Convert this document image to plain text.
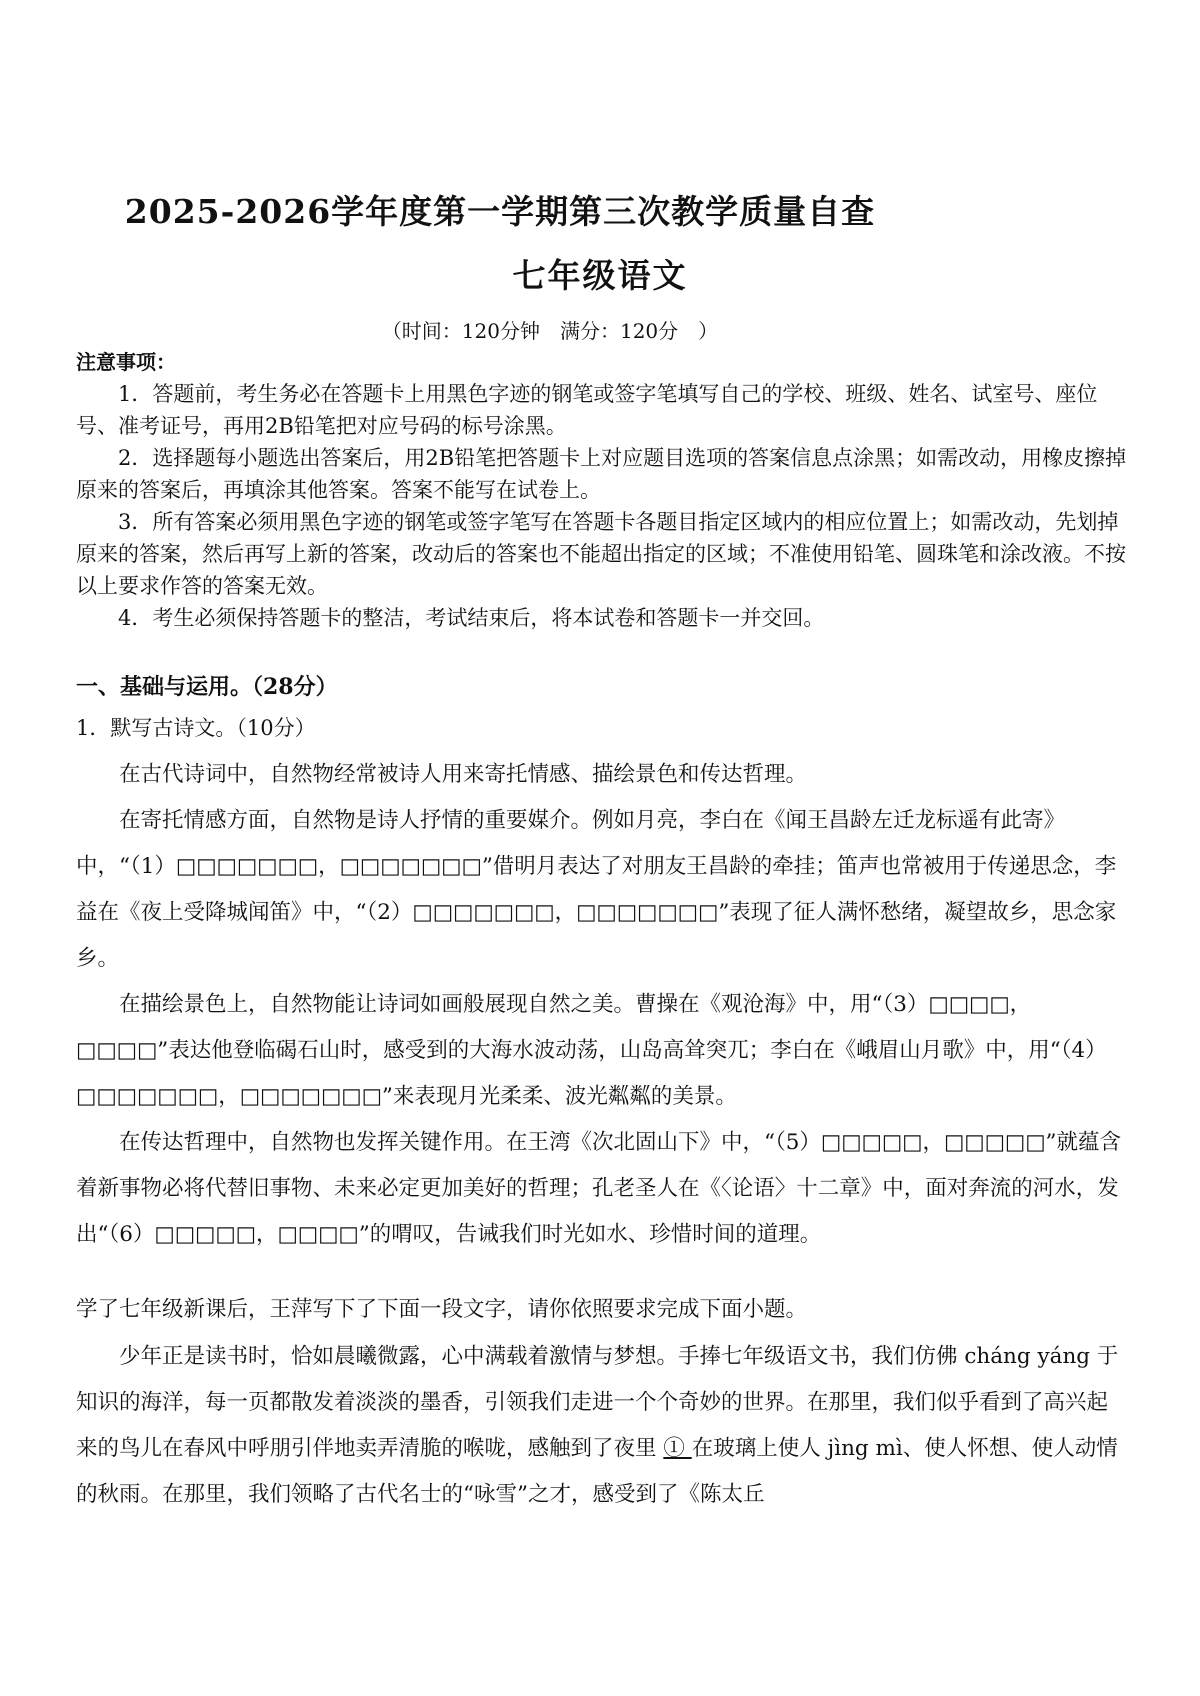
2025-2026学年度第一学期第三次教学质量自查
七年级语文
（时间：120分钟　满分：120分　）
注意事项：

1．答题前，考生务必在答题卡上用黑色字迹的钢笔或签字笔填写自己的学校、班级、姓名、试室号、座位号、准考证号，再用2B铅笔把对应号码的标号涂黑。

2．选择题每小题选出答案后，用2B铅笔把答题卡上对应题目选项的答案信息点涂黑；如需改动，用橡皮擦掉原来的答案后，再填涂其他答案。答案不能写在试卷上。

3．所有答案必须用黑色字迹的钢笔或签字笔写在答题卡各题目指定区域内的相应位置上；如需改动，先划掉原来的答案，然后再写上新的答案，改动后的答案也不能超出指定的区域；不准使用铅笔、圆珠笔和涂改液。不按以上要求作答的答案无效。

4．考生必须保持答题卡的整洁，考试结束后，将本试卷和答题卡一并交回。

一、基础与运用。（28分）
1．默写古诗文。（10分）

在古代诗词中，自然物经常被诗人用来寄托情感、描绘景色和传达哲理。

在寄托情感方面，自然物是诗人抒情的重要媒介。例如月亮，李白在《闻王昌龄左迁龙标遥有此寄》中，“（1）□□□□□□□，□□□□□□□”借明月表达了对朋友王昌龄的牵挂；笛声也常被用于传递思念，李益在《夜上受降城闻笛》中，“（2）□□□□□□□，□□□□□□□”表现了征人满怀愁绪，凝望故乡，思念家乡。

在描绘景色上，自然物能让诗词如画般展现自然之美。曹操在《观沧海》中，用“（3）□□□□，□□□□”表达他登临碣石山时，感受到的大海水波动荡，山岛高耸突兀；李白在《峨眉山月歌》中，用“（4）□□□□□□□，□□□□□□□”来表现月光柔柔、波光粼粼的美景。

在传达哲理中，自然物也发挥关键作用。在王湾《次北固山下》中，“（5）□□□□□，□□□□□”就蕴含着新事物必将代替旧事物、未来必定更加美好的哲理；孔老圣人在《〈论语〉十二章》中，面对奔流的河水，发出“（6）□□□□□，□□□□”的喟叹，告诫我们时光如水、珍惜时间的道理。

学了七年级新课后，王萍写下了下面一段文字，请你依照要求完成下面小题。

少年正是读书时，恰如晨曦微露，心中满载着激情与梦想。手捧七年级语文书，我们仿佛 cháng yáng 于知识的海洋，每一页都散发着淡淡的墨香，引领我们走进一个个奇妙的世界。在那里，我们似乎看到了高兴起来的鸟儿在春风中呼朋引伴地卖弄清脆的喉咙，感触到了夜里 ① 在玻璃上使人 jìng mì、使人怀想、使人动情的秋雨。在那里，我们领略了古代名士的“咏雪”之才，感受到了《陈太丘
